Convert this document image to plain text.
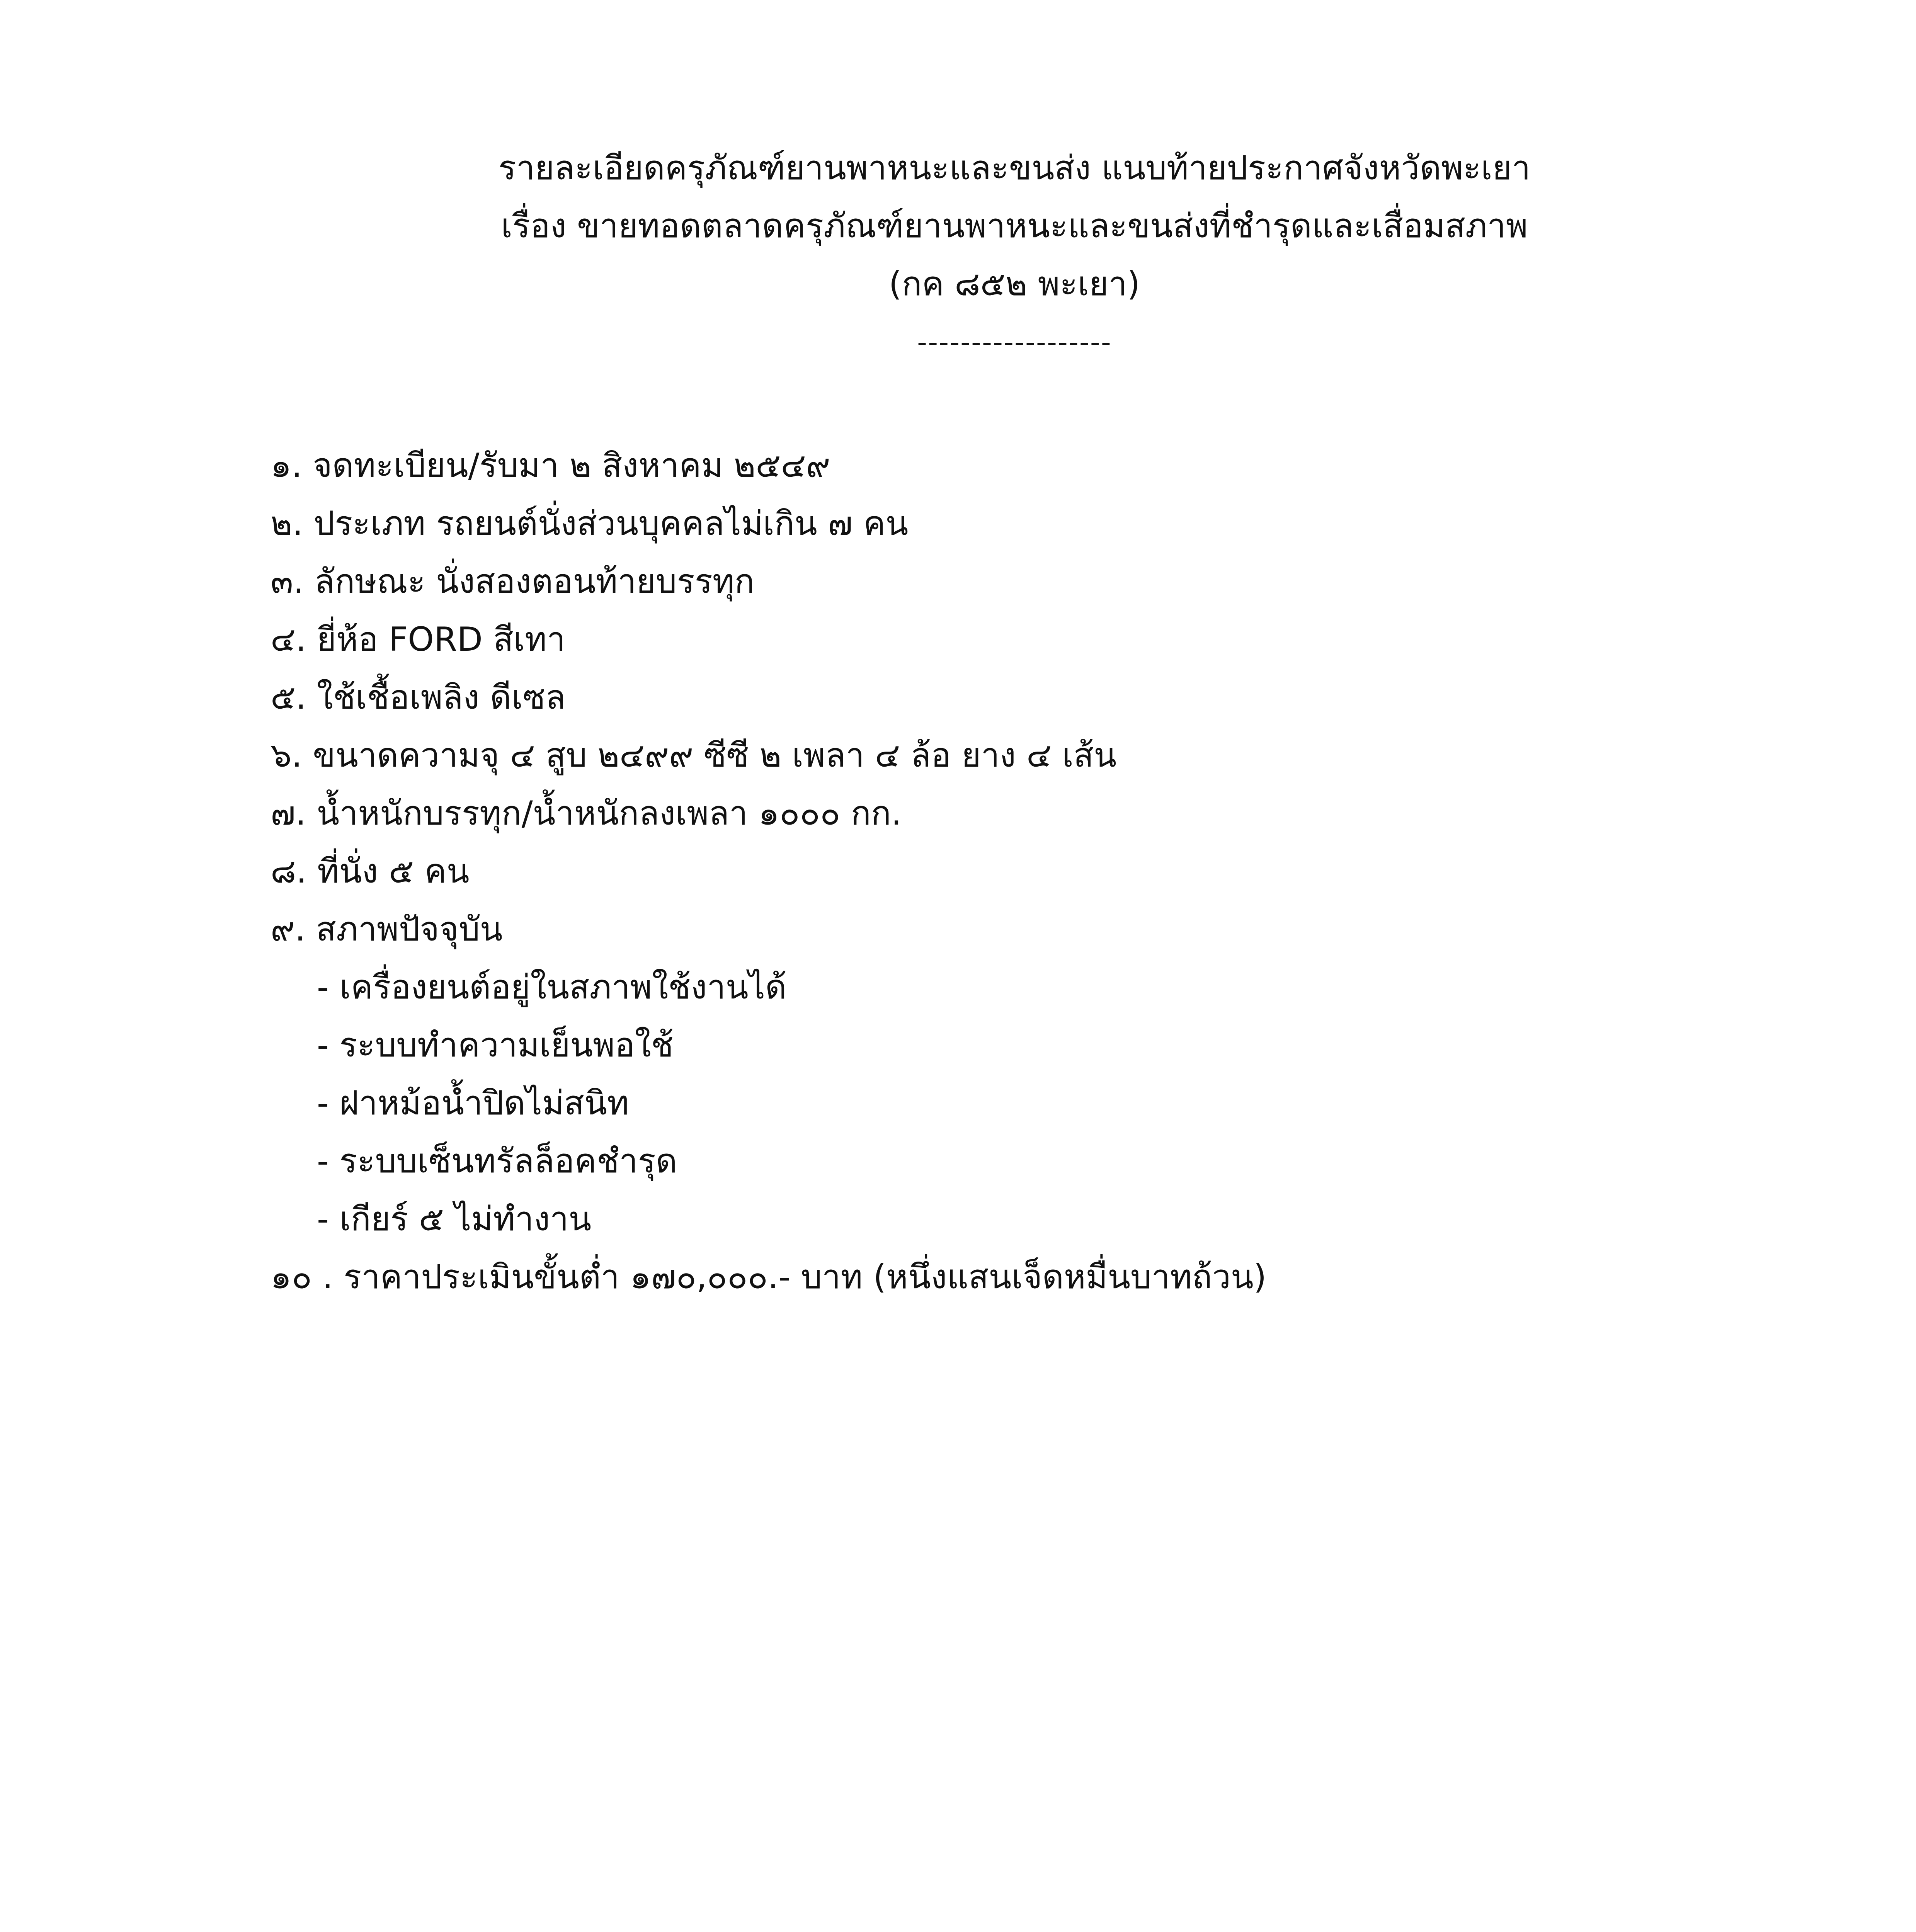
รายละเอียดครุภัณฑ์ยานพาหนะและขนส่ง แนบท้ายประกาศจังหวัดพะเยา
เรื่อง ขายทอดตลาดครุภัณฑ์ยานพาหนะและขนส่งที่ชำรุดและเสื่อมสภาพ
(กค ๘๕๒ พะเยา)
------------------
๑. จดทะเบียน/รับมา ๒ สิงหาคม ๒๕๔๙
๒. ประเภท รถยนต์นั่งส่วนบุคคลไม่เกิน ๗ คน
๓. ลักษณะ นั่งสองตอนท้ายบรรทุก
๔. ยี่ห้อ FORD สีเทา
๕. ใช้เชื้อเพลิง ดีเซล
๖. ขนาดความจุ ๔ สูบ ๒๔๙๙ ซีซี ๒ เพลา ๔ ล้อ ยาง ๔ เส้น
๗. น้ำหนักบรรทุก/น้ำหนักลงเพลา ๑๐๐๐ กก.
๘. ที่นั่ง ๕ คน
๙. สภาพปัจจุบัน
- เครื่องยนต์อยู่ในสภาพใช้งานได้
- ระบบทำความเย็นพอใช้
- ฝาหม้อน้ำปิดไม่สนิท
- ระบบเซ็นทรัลล็อคชำรุด
- เกียร์ ๕ ไม่ทำงาน
๑๐ . ราคาประเมินขั้นต่ำ ๑๗๐,๐๐๐.- บาท (หนึ่งแสนเจ็ดหมื่นบาทถ้วน)
